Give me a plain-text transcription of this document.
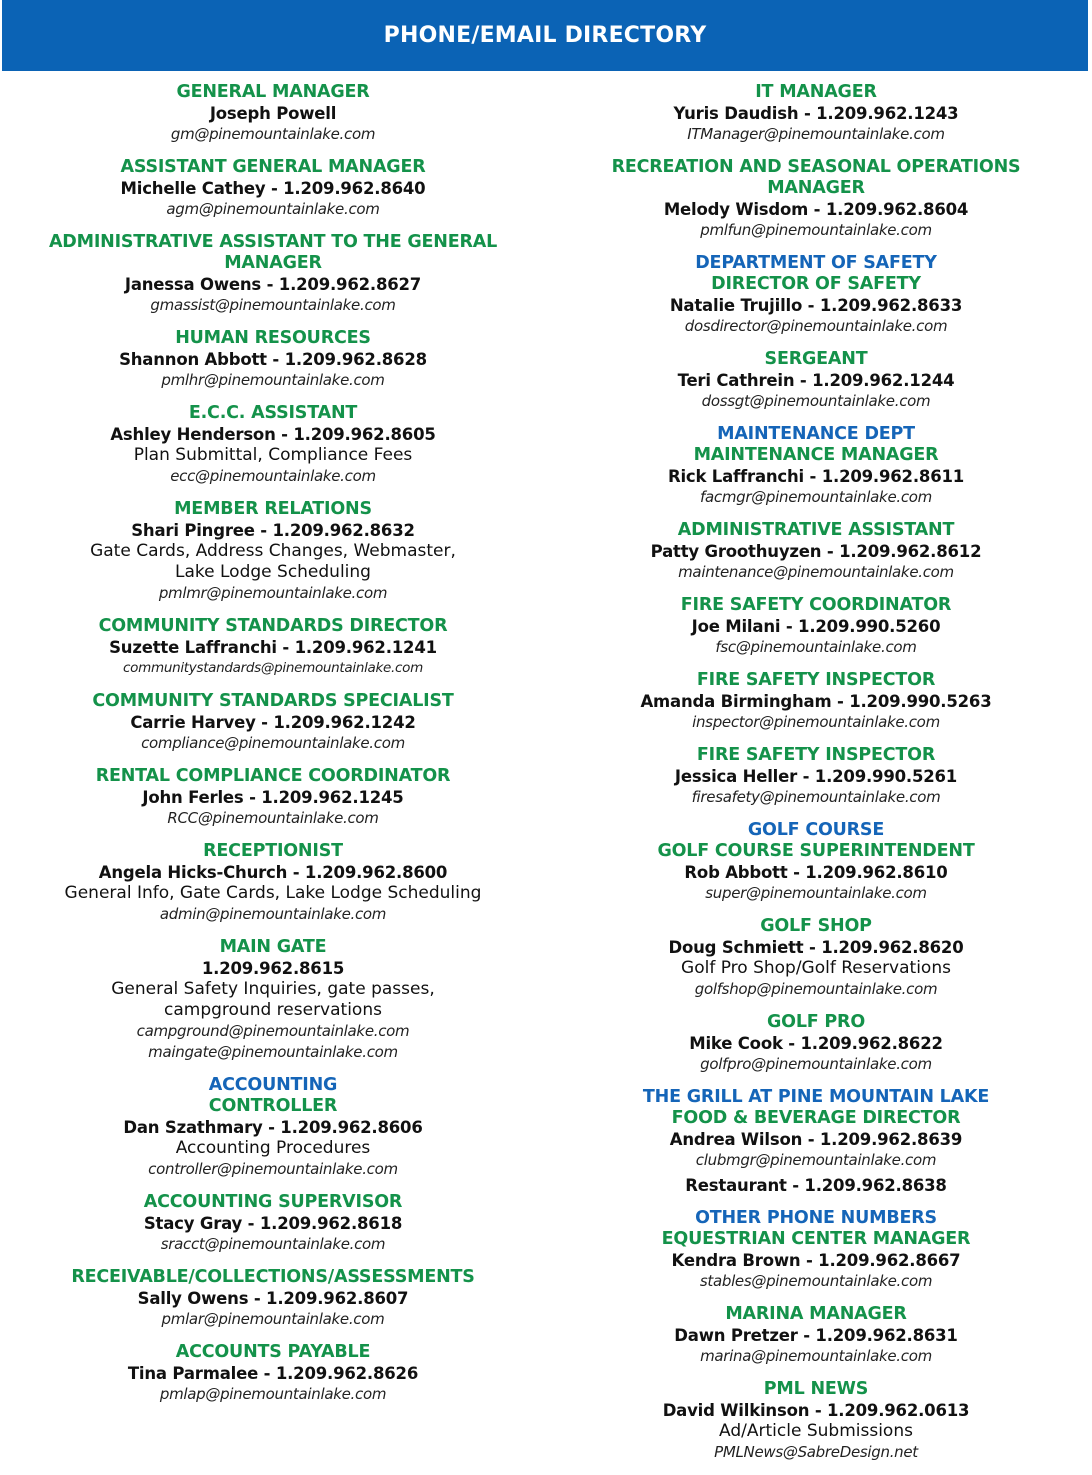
PHONE/EMAIL DIRECTORY
GENERAL MANAGER
Joseph Powell
gm@pinemountainlake.com
ASSISTANT GENERAL MANAGER
Michelle Cathey - 1.209.962.8640
agm@pinemountainlake.com
ADMINISTRATIVE ASSISTANT TO THE GENERAL MANAGER
Janessa Owens - 1.209.962.8627
gmassist@pinemountainlake.com
HUMAN RESOURCES
Shannon Abbott - 1.209.962.8628
pmlhr@pinemountainlake.com
E.C.C. ASSISTANT
Ashley Henderson - 1.209.962.8605
Plan Submittal, Compliance Fees
ecc@pinemountainlake.com
MEMBER RELATIONS
Shari Pingree - 1.209.962.8632
Gate Cards, Address Changes, Webmaster,
Lake Lodge Scheduling
pmlmr@pinemountainlake.com
COMMUNITY STANDARDS DIRECTOR
Suzette Laffranchi - 1.209.962.1241
communitystandards@pinemountainlake.com
COMMUNITY STANDARDS SPECIALIST
Carrie Harvey - 1.209.962.1242
compliance@pinemountainlake.com
RENTAL COMPLIANCE COORDINATOR
John Ferles - 1.209.962.1245
RCC@pinemountainlake.com
RECEPTIONIST
Angela Hicks-Church - 1.209.962.8600
General Info, Gate Cards, Lake Lodge Scheduling
admin@pinemountainlake.com
MAIN GATE
1.209.962.8615
General Safety Inquiries, gate passes,
campground reservations
campground@pinemountainlake.com
maingate@pinemountainlake.com
ACCOUNTING
CONTROLLER
Dan Szathmary - 1.209.962.8606
Accounting Procedures
controller@pinemountainlake.com
ACCOUNTING SUPERVISOR
Stacy Gray - 1.209.962.8618
sracct@pinemountainlake.com
RECEIVABLE/COLLECTIONS/ASSESSMENTS
Sally Owens - 1.209.962.8607
pmlar@pinemountainlake.com
ACCOUNTS PAYABLE
Tina Parmalee - 1.209.962.8626
pmlap@pinemountainlake.com
IT MANAGER
Yuris Daudish - 1.209.962.1243
ITManager@pinemountainlake.com
RECREATION AND SEASONAL OPERATIONS MANAGER
Melody Wisdom - 1.209.962.8604
pmlfun@pinemountainlake.com
DEPARTMENT OF SAFETY
DIRECTOR OF SAFETY
Natalie Trujillo - 1.209.962.8633
dosdirector@pinemountainlake.com
SERGEANT
Teri Cathrein - 1.209.962.1244
dossgt@pinemountainlake.com
MAINTENANCE DEPT
MAINTENANCE MANAGER
Rick Laffranchi - 1.209.962.8611
facmgr@pinemountainlake.com
ADMINISTRATIVE ASSISTANT
Patty Groothuyzen - 1.209.962.8612
maintenance@pinemountainlake.com
FIRE SAFETY COORDINATOR
Joe Milani - 1.209.990.5260
fsc@pinemountainlake.com
FIRE SAFETY INSPECTOR
Amanda Birmingham - 1.209.990.5263
inspector@pinemountainlake.com
FIRE SAFETY INSPECTOR
Jessica Heller - 1.209.990.5261
firesafety@pinemountainlake.com
GOLF COURSE
GOLF COURSE SUPERINTENDENT
Rob Abbott - 1.209.962.8610
super@pinemountainlake.com
GOLF SHOP
Doug Schmiett - 1.209.962.8620
Golf Pro Shop/Golf Reservations
golfshop@pinemountainlake.com
GOLF PRO
Mike Cook - 1.209.962.8622
golfpro@pinemountainlake.com
THE GRILL AT PINE MOUNTAIN LAKE
FOOD & BEVERAGE DIRECTOR
Andrea Wilson - 1.209.962.8639
clubmgr@pinemountainlake.com
Restaurant - 1.209.962.8638
OTHER PHONE NUMBERS
EQUESTRIAN CENTER MANAGER
Kendra Brown - 1.209.962.8667
stables@pinemountainlake.com
MARINA MANAGER
Dawn Pretzer - 1.209.962.8631
marina@pinemountainlake.com
PML NEWS
David Wilkinson - 1.209.962.0613
Ad/Article Submissions
PMLNews@SabreDesign.net
